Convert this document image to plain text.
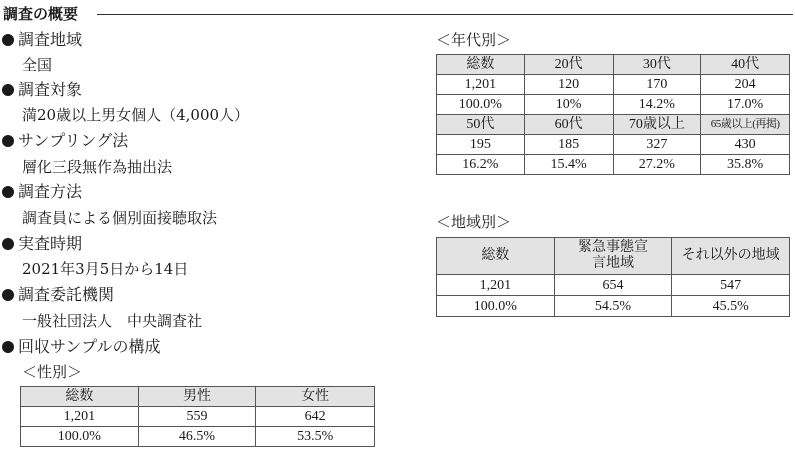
調査の概要
調査地域
全国
調査対象
満20歳以上男女個人（4,000人）
サンプリング法
層化三段無作為抽出法
調査方法
調査員による個別面接聴取法
実査時期
2021年3月5日から14日
調査委託機関
一般社団法人　中央調査社
回収サンプルの構成
＜性別＞
総数	男性	女性
1,201	559	642
100.0%	46.5%	53.5%
＜年代別＞
総数	20代	30代	40代
1,201	120	170	204
100.0%	10%	14.2%	17.0%
50代	60代	70歳以上	65歳以上(再掲)
195	185	327	430
16.2%	15.4%	27.2%	35.8%
＜地域別＞
総数	緊急事態宣言地域	それ以外の地域
1,201	654	547
100.0%	54.5%	45.5%
